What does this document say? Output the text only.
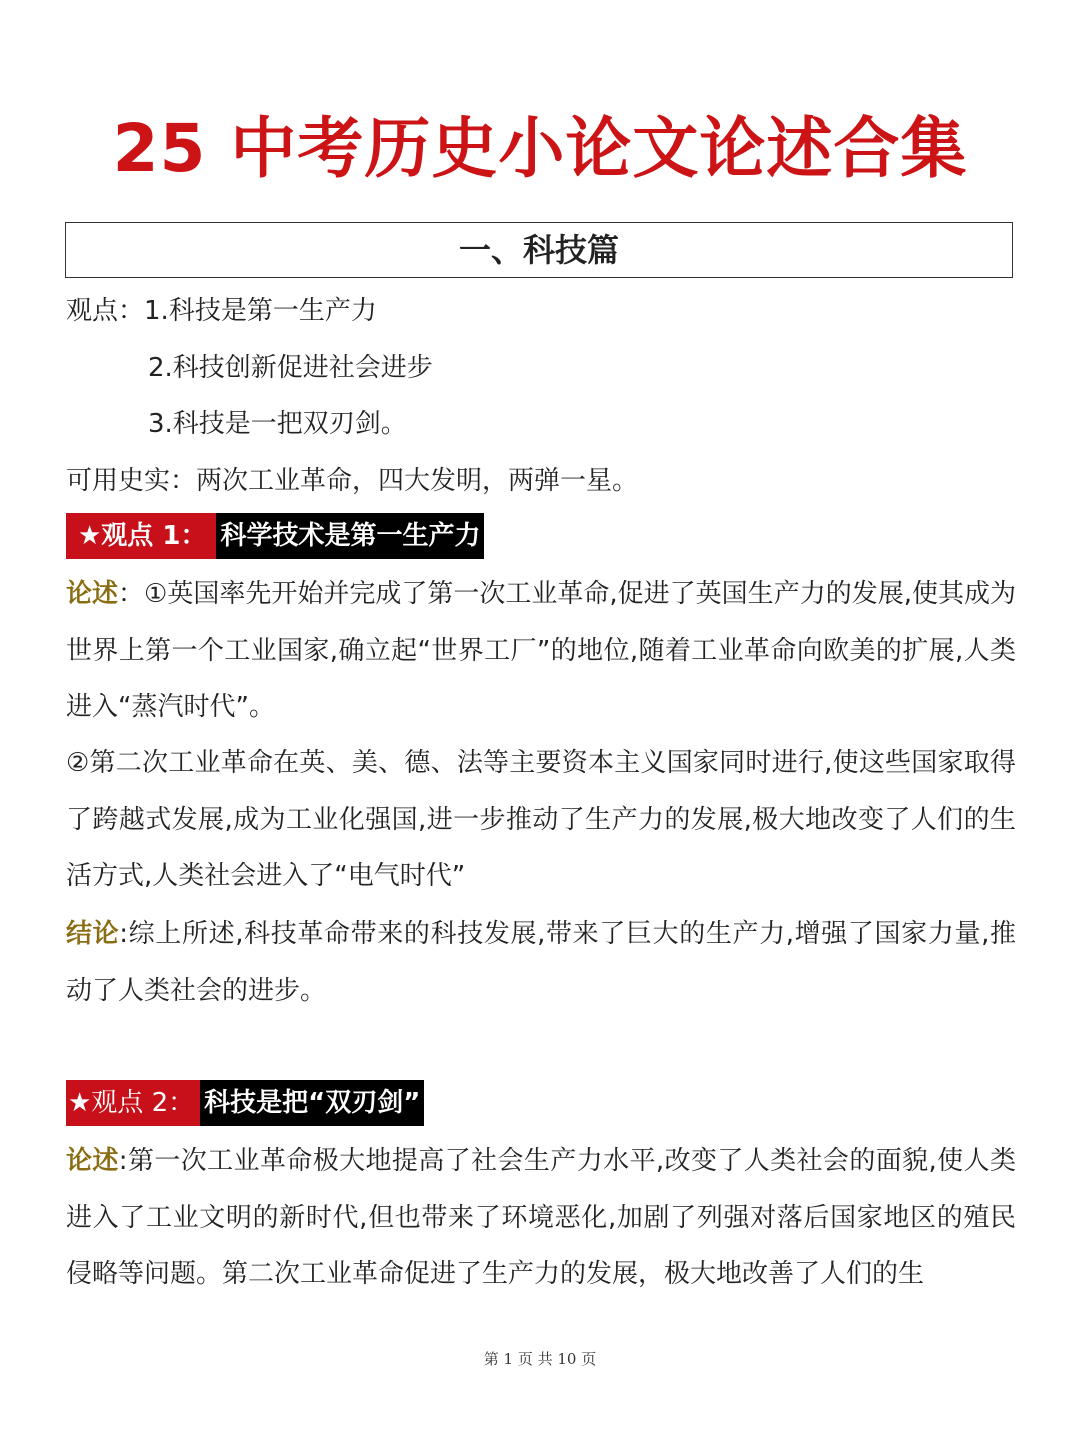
25 中考历史小论文论述合集
一、科技篇
观点：1.科技是第一生产力
2.科技创新促进社会进步
3.科技是一把双刃剑。
可用史实：两次工业革命，四大发明，两弹一星。
★观点 1： 科学技术是第一生产力
论述：①英国率先开始并完成了第一次工业革命,促进了英国生产力的发展,使其成为世界上第一个工业国家,确立起“世界工厂”的地位,随着工业革命向欧美的扩展,人类进入“蒸汽时代”。
②第二次工业革命在英、美、德、法等主要资本主义国家同时进行,使这些国家取得了跨越式发展,成为工业化强国,进一步推动了生产力的发展,极大地改变了人们的生活方式,人类社会进入了“电气时代”
结论:综上所述,科技革命带来的科技发展,带来了巨大的生产力,增强了国家力量,推动了人类社会的进步。
★观点 2： 科技是把“双刃剑”
论述:第一次工业革命极大地提高了社会生产力水平,改变了人类社会的面貌,使人类进入了工业文明的新时代,但也带来了环境恶化,加剧了列强对落后国家地区的殖民侵略等问题。第二次工业革命促进了生产力的发展，极大地改善了人们的生
第 1 页 共 10 页
